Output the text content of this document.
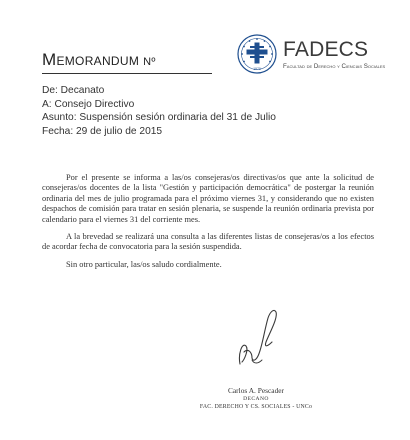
Memorandum Nº
1970
FADECS
Facultad de Derecho y Ciencias Sociales
De: Decanato
A: Consejo Directivo
Asunto: Suspensión sesión ordinaria del 31 de Julio
Fecha: 29 de julio de 2015

Por el presente se informa a las/os consejeras/os directivas/os que ante la solicitud de consejeras/os docentes de la lista "Gestión y participación democrática" de postergar la reunión ordinaria del mes de julio programada para el próximo viernes 31, y considerando que no existen despachos de comisión para tratar en sesión plenaria, se suspende la reunión ordinaria prevista por calendario para el viernes 31 del corriente mes.

A la brevedad se realizará una consulta a las diferentes listas de consejeras/os a los efectos de acordar fecha de convocatoria para la sesión suspendida.

Sin otro particular, las/os saludo cordialmente.

Carlos A. Pescader
DECANO
FAC. DERECHO Y CS. SOCIALES - UNCo
